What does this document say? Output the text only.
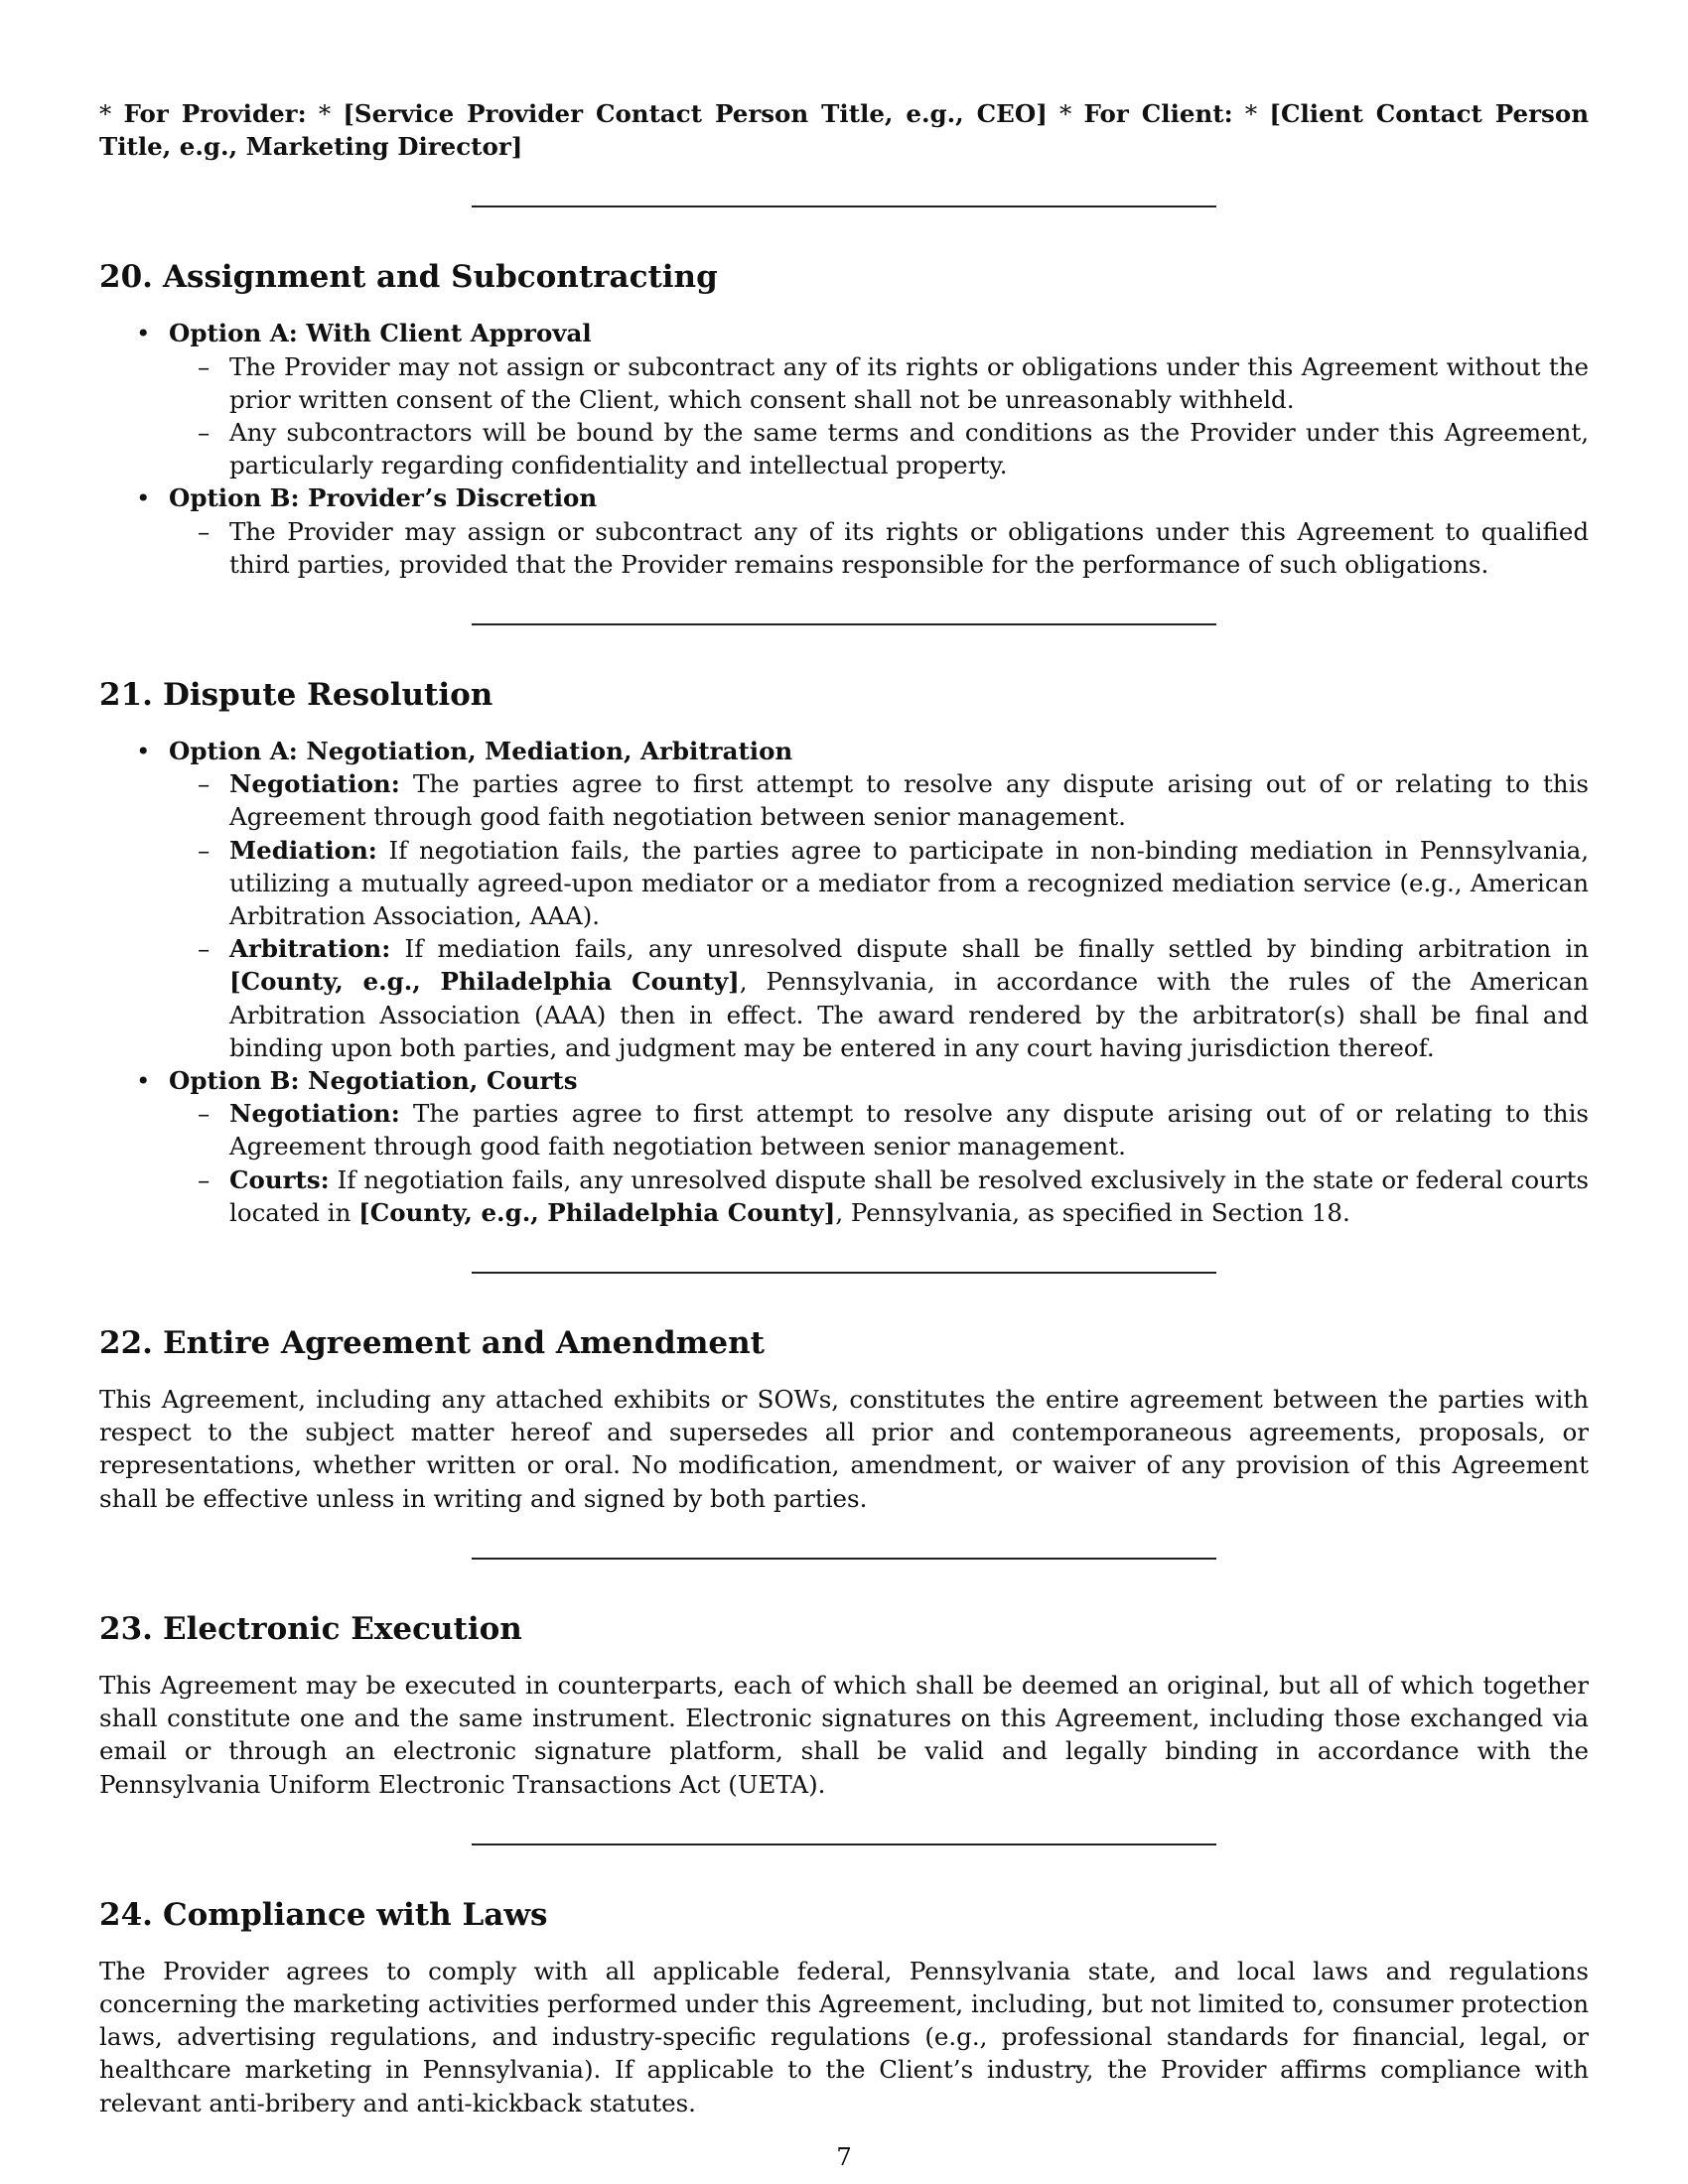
* For Provider: * [Service Provider Contact Person Title, e.g., CEO] * For Client: * [Client Contact Person Title, e.g., Marketing Director]

20. Assignment and Subcontracting
• Option A: With Client Approval
– The Provider may not assign or subcontract any of its rights or obligations under this Agreement without the prior written consent of the Client, which consent shall not be unreasonably withheld.
– Any subcontractors will be bound by the same terms and conditions as the Provider under this Agreement, particularly regarding confidentiality and intellectual property.
• Option B: Provider’s Discretion
– The Provider may assign or subcontract any of its rights or obligations under this Agreement to qualified third parties, provided that the Provider remains responsible for the performance of such obligations.
21. Dispute Resolution
• Option A: Negotiation, Mediation, Arbitration
– Negotiation: The parties agree to first attempt to resolve any dispute arising out of or relating to this Agreement through good faith negotiation between senior management.
– Mediation: If negotiation fails, the parties agree to participate in non-binding mediation in Pennsylvania, utilizing a mutually agreed-upon mediator or a mediator from a recognized mediation service (e.g., American Arbitration Association, AAA).
– Arbitration: If mediation fails, any unresolved dispute shall be finally settled by binding arbitration in [County, e.g., Philadelphia County], Pennsylvania, in accordance with the rules of the American Arbitration Association (AAA) then in effect. The award rendered by the arbitrator(s) shall be final and binding upon both parties, and judgment may be entered in any court having jurisdiction thereof.
• Option B: Negotiation, Courts
– Negotiation: The parties agree to first attempt to resolve any dispute arising out of or relating to this Agreement through good faith negotiation between senior management.
– Courts: If negotiation fails, any unresolved dispute shall be resolved exclusively in the state or federal courts located in [County, e.g., Philadelphia County], Pennsylvania, as specified in Section 18.
22. Entire Agreement and Amendment

This Agreement, including any attached exhibits or SOWs, constitutes the entire agreement between the parties with respect to the subject matter hereof and supersedes all prior and contemporaneous agreements, proposals, or representations, whether written or oral. No modification, amendment, or waiver of any provision of this Agreement shall be effective unless in writing and signed by both parties.

23. Electronic Execution

This Agreement may be executed in counterparts, each of which shall be deemed an original, but all of which together shall constitute one and the same instrument. Electronic signatures on this Agreement, including those exchanged via email or through an electronic signature platform, shall be valid and legally binding in accordance with the Pennsylvania Uniform Electronic Transactions Act (UETA).

24. Compliance with Laws

The Provider agrees to comply with all applicable federal, Pennsylvania state, and local laws and regulations concerning the marketing activities performed under this Agreement, including, but not limited to, consumer protection laws, advertising regulations, and industry-specific regulations (e.g., professional standards for financial, legal, or healthcare marketing in Pennsylvania). If applicable to the Client’s industry, the Provider affirms compliance with relevant anti-bribery and anti-kickback statutes.

7
